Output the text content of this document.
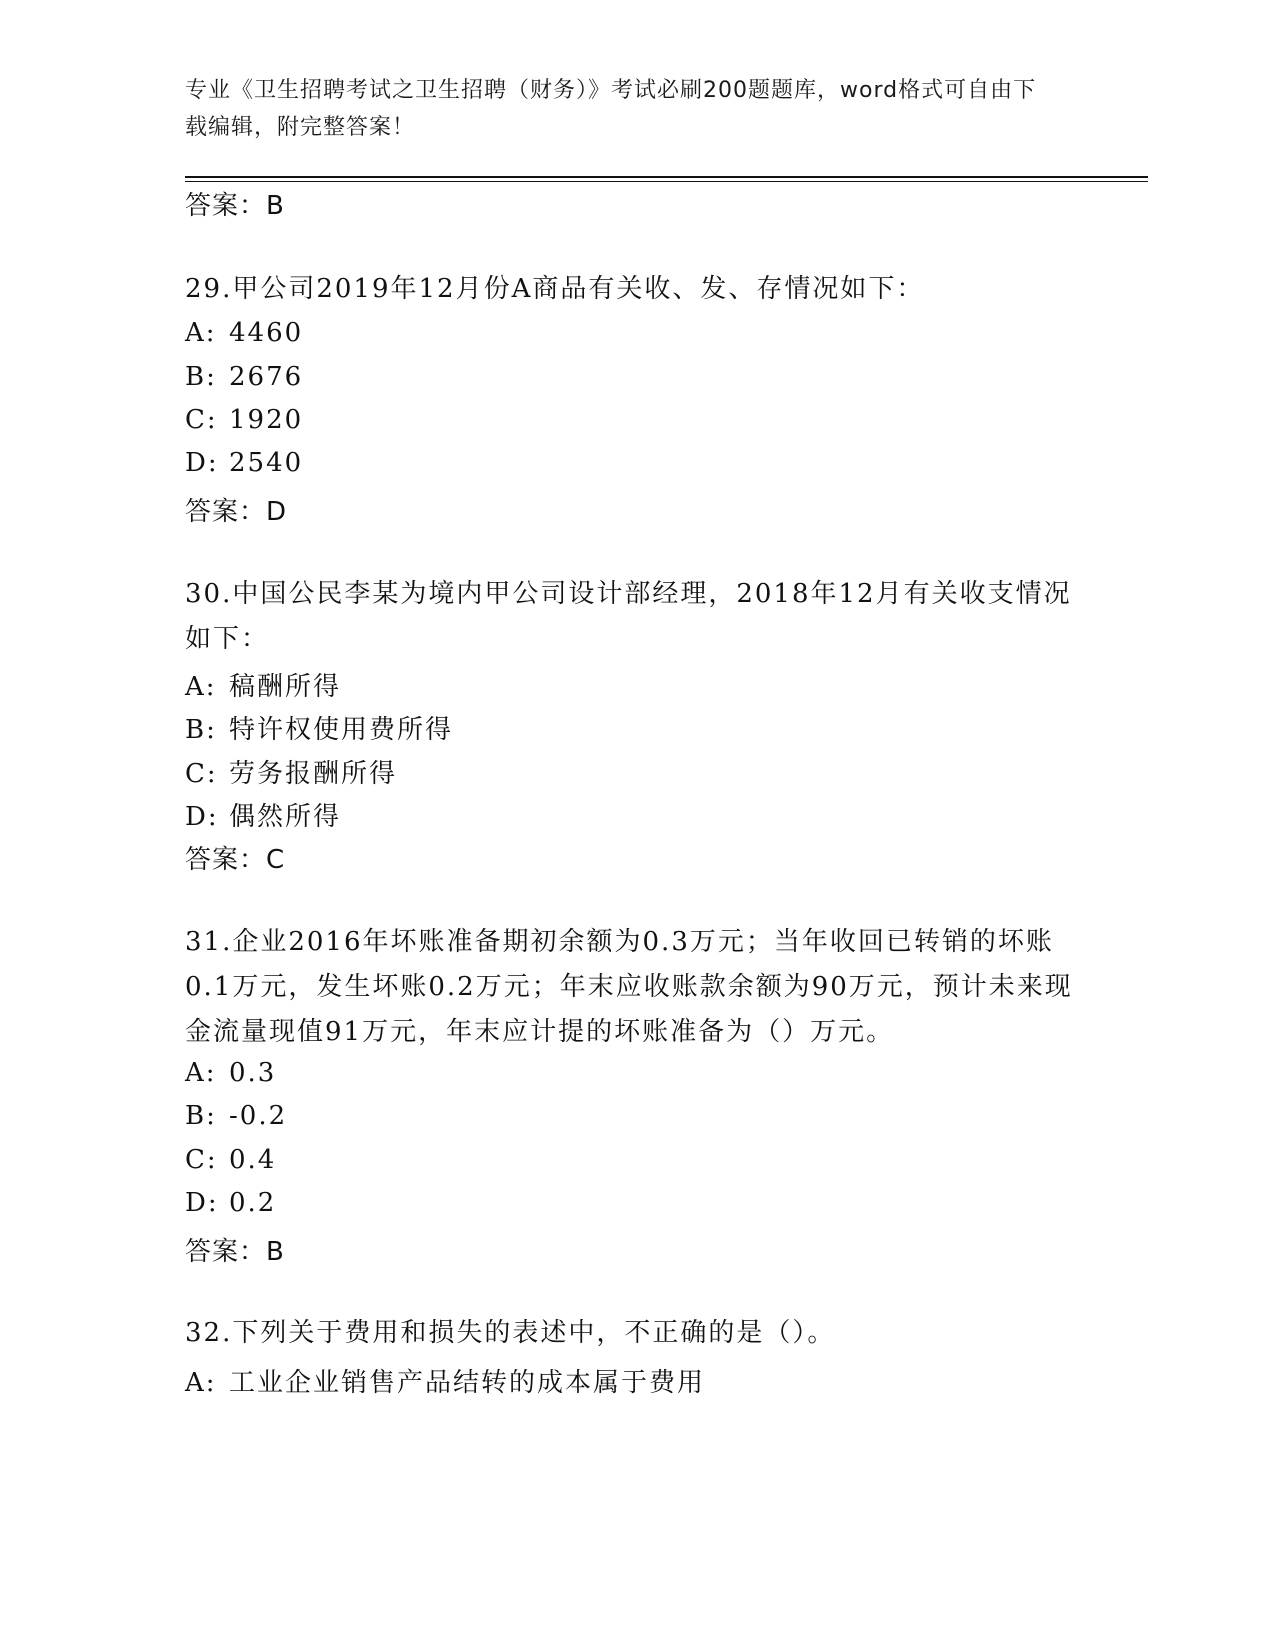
专业《卫生招聘考试之卫生招聘（财务）》考试必刷200题题库，word格式可自由下载编辑，附完整答案！
答案：B
29.甲公司2019年12月份A商品有关收、发、存情况如下：
A: 4460
B: 2676
C: 1920
D: 2540
答案：D
30.中国公民李某为境内甲公司设计部经理，2018年12月有关收支情况如下：
A: 稿酬所得
B: 特许权使用费所得
C: 劳务报酬所得
D: 偶然所得
答案：C
31.企业2016年坏账准备期初余额为0.3万元；当年收回已转销的坏账0.1万元，发生坏账0.2万元；年末应收账款余额为90万元，预计未来现金流量现值91万元，年末应计提的坏账准备为（）万元。
A: 0.3
B: -0.2
C: 0.4
D: 0.2
答案：B
32.下列关于费用和损失的表述中，不正确的是（）。
A: 工业企业销售产品结转的成本属于费用
